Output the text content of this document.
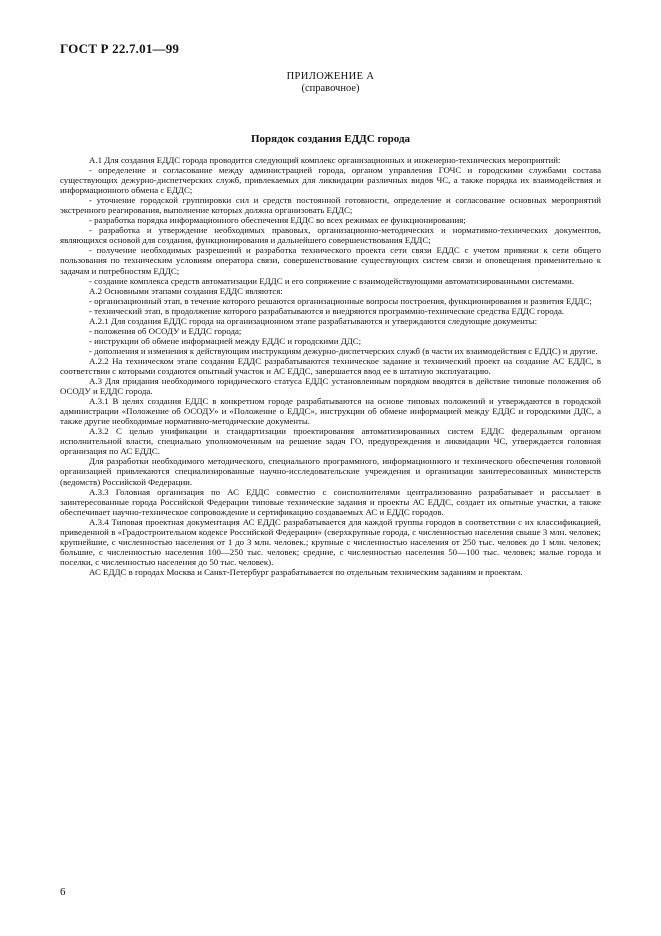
ГОСТ Р 22.7.01—99
ПРИЛОЖЕНИЕ А
(справочное)
Порядок создания ЕДДС города

А.1 Для создания ЕДДС города проводится следующий комплекс организационных и инженерно-технических мероприятий:

- определение и согласование между администрацией города, органом управления ГОЧС и городскими службами состава существующих дежурно-диспетчерских служб, привлекаемых для ликвидации различных видов ЧС, а также порядка их взаимодействия и информационного обмена с ЕДДС;

- уточнение городской группировки сил и средств постоянной готовности, определение и согласование основных мероприятий экстренного реагирования, выполнение которых должна организовать ЕДДС;

- разработка порядка информационного обеспечения ЕДДС во всех режимах ее функционирования;

- разработка и утверждение необходимых правовых, организационно-методических и нормативно-технических документов, являющихся основой для создания, функционирования и дальнейшего совершенствования ЕДДС;

- получение необходимых разрешений и разработка технического проекта сети связи ЕДДС с учетом привязки к сети общего пользования по техническим условиям оператора связи, совершенствование существующих систем связи и оповещения применительно к задачам и потребностям ЕДДС;

- создание комплекса средств автоматизации ЕДДС и его сопряжение с взаимодействующими автоматизированными системами.

А.2 Основными этапами создания ЕДДС являются:

- организационный этап, в течение которого решаются организационные вопросы построения, функционирования и развития ЕДДС;

- технический этап, в продолжение которого разрабатываются и внедряются программно-технические средства ЕДДС города.

А.2.1 Для создания ЕДДС города на организационном этапе разрабатываются и утверждаются следующие документы:

- положения об ОСОДУ и ЕДДС города;

- инструкции об обмене информацией между ЕДДС и городскими ДДС;

- дополнения и изменения к действующим инструкциям дежурно-диспетчерских служб (в части их взаимодействия с ЕДДС) и другие.

А.2.2 На техническом этапе создания ЕДДС разрабатываются техническое задание и технический проект на создание АС ЕДДС, в соответствии с которыми создаются опытный участок и АС ЕДДС, завершается ввод ее в штатную эксплуатацию.

А.3 Для придания необходимого юридического статуса ЕДДС установленным порядком вводятся в действие типовые положения об ОСОДУ и ЕДДС города.

А.3.1 В целях создания ЕДДС в конкретном городе разрабатываются на основе типовых положений и утверждаются в городской администрации «Положение об ОСОДУ» и «Положение о ЕДДС», инструкции об обмене информацией между ЕДДС и городскими ДДС, а также другие необходимые нормативно-методические документы.

А.3.2 С целью унификации и стандартизации проектирования автоматизированных систем ЕДДС федеральным органом исполнительной власти, специально уполномоченным на решение задач ГО, предупреждения и ликвидации ЧС, утверждается головная организация по АС ЕДДС.

Для разработки необходимого методического, специального программного, информационного и технического обеспечения головной организацией привлекаются специализированные научно-исследовательские учреждения и организации заинтересованных министерств (ведомств) Российской Федерации.

А.3.3 Головная организация по АС ЕДДС совместно с соисполнителями централизованно разрабатывает и рассылает в заинтересованные города Российской Федерации типовые технические задания и проекты АС ЕДДС, создает их опытные участки, а также обеспечивает научно-техническое сопровождение и сертификацию создаваемых АС и ЕДДС городов.

А.3.4 Типовая проектная документация АС ЕДДС разрабатывается для каждой группы городов в соответствии с их классификацией, приведенной в «Градостроительном кодексе Российской Федерации» (сверхкрупные города, с численностью населения свыше 3 млн. человек; крупнейшие, с численностью населения от 1 до 3 млн. человек.; крупные с численностью населения от 250 тыс. человек до 1 млн. человек; большие, с численностью населения 100—250 тыс. человек; средние, с численностью населения 50—100 тыс. человек; малые города и поселки, с численностью населения до 50 тыс. человек).

АС ЕДДС в городах Москва и Санкт-Петербург разрабатывается по отдельным техническим заданиям и проектам.

6
